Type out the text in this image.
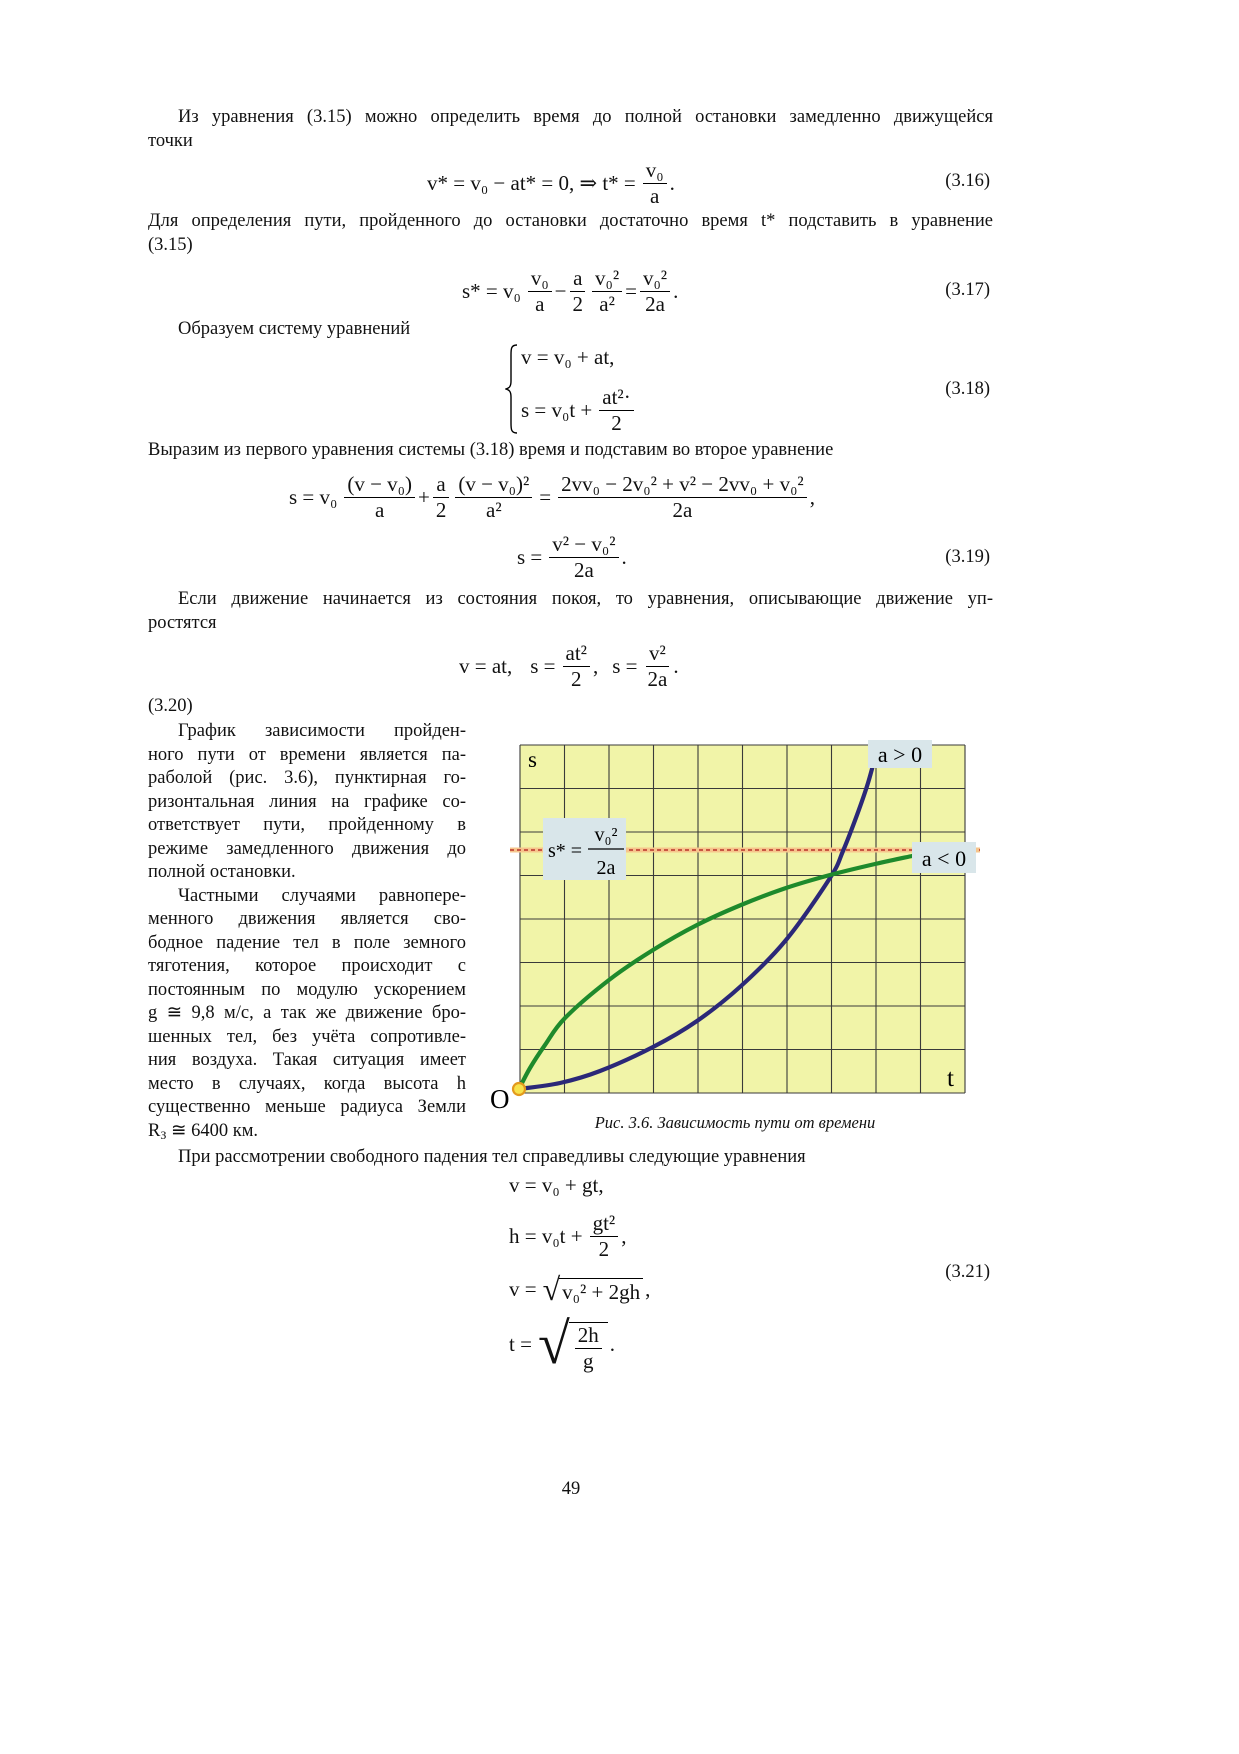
Из уравнения (3.15) можно определить время до полной остановки замедленно движущейся
точки
v* = v₀ − at* = 0, ⇒ $t* = \frac{\text{v₀}}{a}$ .	(3.16)
Для определения пути, пройденного до остановки достаточно время t* подставить в уравнение
(3.15)
$s* = v_0 \frac{\text{v₀}}{a} - \frac{a}{2} \frac{\text{v₀²}}{\text{a²}} = \frac{\text{v₀²}}{2a}$ .	(3.17)
Образуем систему уравнений
v = v₀ + at,
$s = v_0t + \frac{\text{at²·}}{2}$	(3.18)
Выразим из первого уравнения системы (3.18) время и подставим во второе уравнение
$s = v_0 \frac{\text{(v − v₀)}}{a} + \frac{a}{2} \frac{\text{(v − v₀)²}}{\text{a²}} = \frac{\text{2vv₀ − 2v₀² + v² − 2vv₀ + v₀²}}{2a}$ ,
$s = \frac{\text{v² − v₀²}}{2a}$ .	(3.19)
Если движение начинается из состояния покоя, то уравнения, описывающие движение уп-
ростятся
v = at, $s = \frac{\text{at²}}{2}$ , $s = \frac{\text{v²}}{2a}$ .
(3.20)
График зависимости пройден-
ного пути от времени является па-
раболой (рис. 3.6), пунктирная го-
ризонтальная линия на графике со-
ответствует пути, пройденному в
режиме замедленного движения до
полной остановки.
Частными случаями равнопере-
менного движения является сво-
бодное падение тел в поле земного
тяготения, которое происходит с
постоянным по модулю ускорением
g ≅ 9,8 м/с, а так же движение бро-
шенных тел, без учёта сопротивле-
ния воздуха. Такая ситуация имеет
место в случаях, когда высота h
существенно меньше радиуса Земли
$R_З$ ≅ 6400 км.
s
t
O
s* =
v₀²
2a
a > 0
a < 0
Рис. 3.6. Зависимость пути от времени
При рассмотрении свободного падения тел справедливы следующие уравнения
v = v₀ + gt,
$h = v_0t + \frac{\text{gt²}}{2}$ ,
v = √ v₀² + 2gh ,
t = √ $\frac{2h}{g}$ .
(3.21)
49
